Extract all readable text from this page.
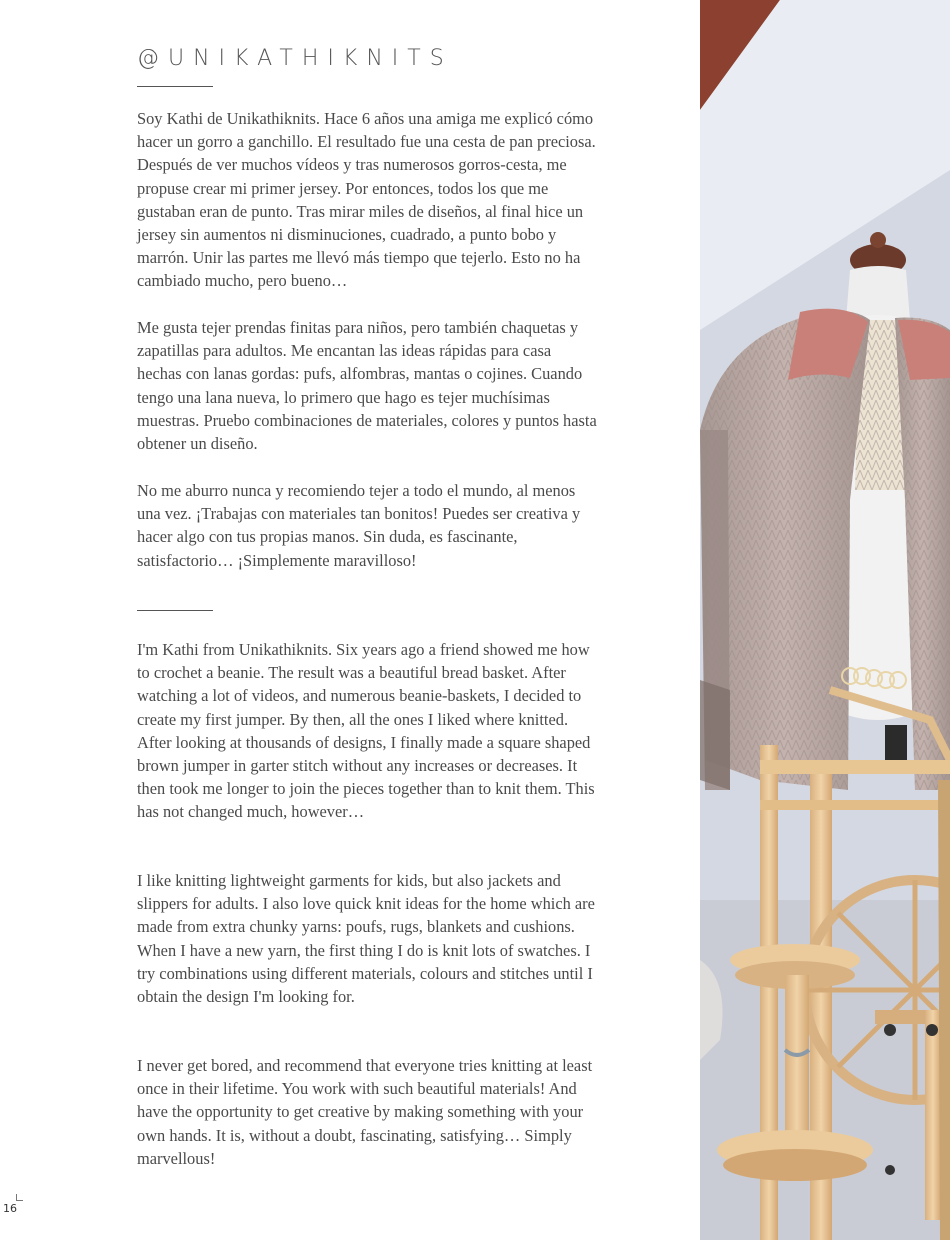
@UNIKATHIKNITS

Soy Kathi de Unikathiknits. Hace 6 años una amiga me explicó cómo hacer un gorro a ganchillo. El resultado fue una cesta de pan preciosa. Después de ver muchos vídeos y tras numerosos gorros-cesta, me propuse crear mi primer jersey. Por entonces, todos los que me gustaban eran de punto. Tras mirar miles de diseños, al final hice un jersey sin aumentos ni disminuciones, cuadrado, a punto bobo y marrón. Unir las partes me llevó más tiempo que tejerlo. Esto no ha cambiado mucho, pero bueno…

Me gusta tejer prendas finitas para niños, pero también chaquetas y zapatillas para adultos. Me encantan las ideas rápidas para casa hechas con lanas gordas: pufs, alfombras, mantas o cojines. Cuando tengo una lana nueva, lo primero que hago es tejer muchísimas muestras. Pruebo combinaciones de materiales, colores y puntos hasta obtener un diseño.

No me aburro nunca y recomiendo tejer a todo el mundo, al menos una vez. ¡Trabajas con materiales tan bonitos! Puedes ser creativa y hacer algo con tus propias manos. Sin duda, es fascinante, satisfactorio… ¡Simplemente maravilloso!

I'm Kathi from Unikathiknits. Six years ago a friend showed me how to crochet a beanie. The result was a beautiful bread basket. After watching a lot of videos, and numerous beanie-baskets, I decided to create my first jumper. By then, all the ones I liked where knitted. After looking at thousands of designs, I finally made a square shaped brown jumper in garter stitch without any increases or decreases. It then took me longer to join the pieces together than to knit them. This has not changed much, however…

I like knitting lightweight garments for kids, but also jackets and slippers for adults. I also love quick knit ideas for the home which are made from extra chunky yarns: poufs, rugs, blankets and cushions. When I have a new yarn, the first thing I do is knit lots of swatches. I try combinations using different materials, colours and stitches until I obtain the design I'm looking for.

I never get bored, and recommend that everyone tries knitting at least once in their lifetime. You work with such beautiful materials! And have the opportunity to get creative by making something with your own hands. It is, without a doubt, fascinating, satisfying… Simply marvellous!

16
